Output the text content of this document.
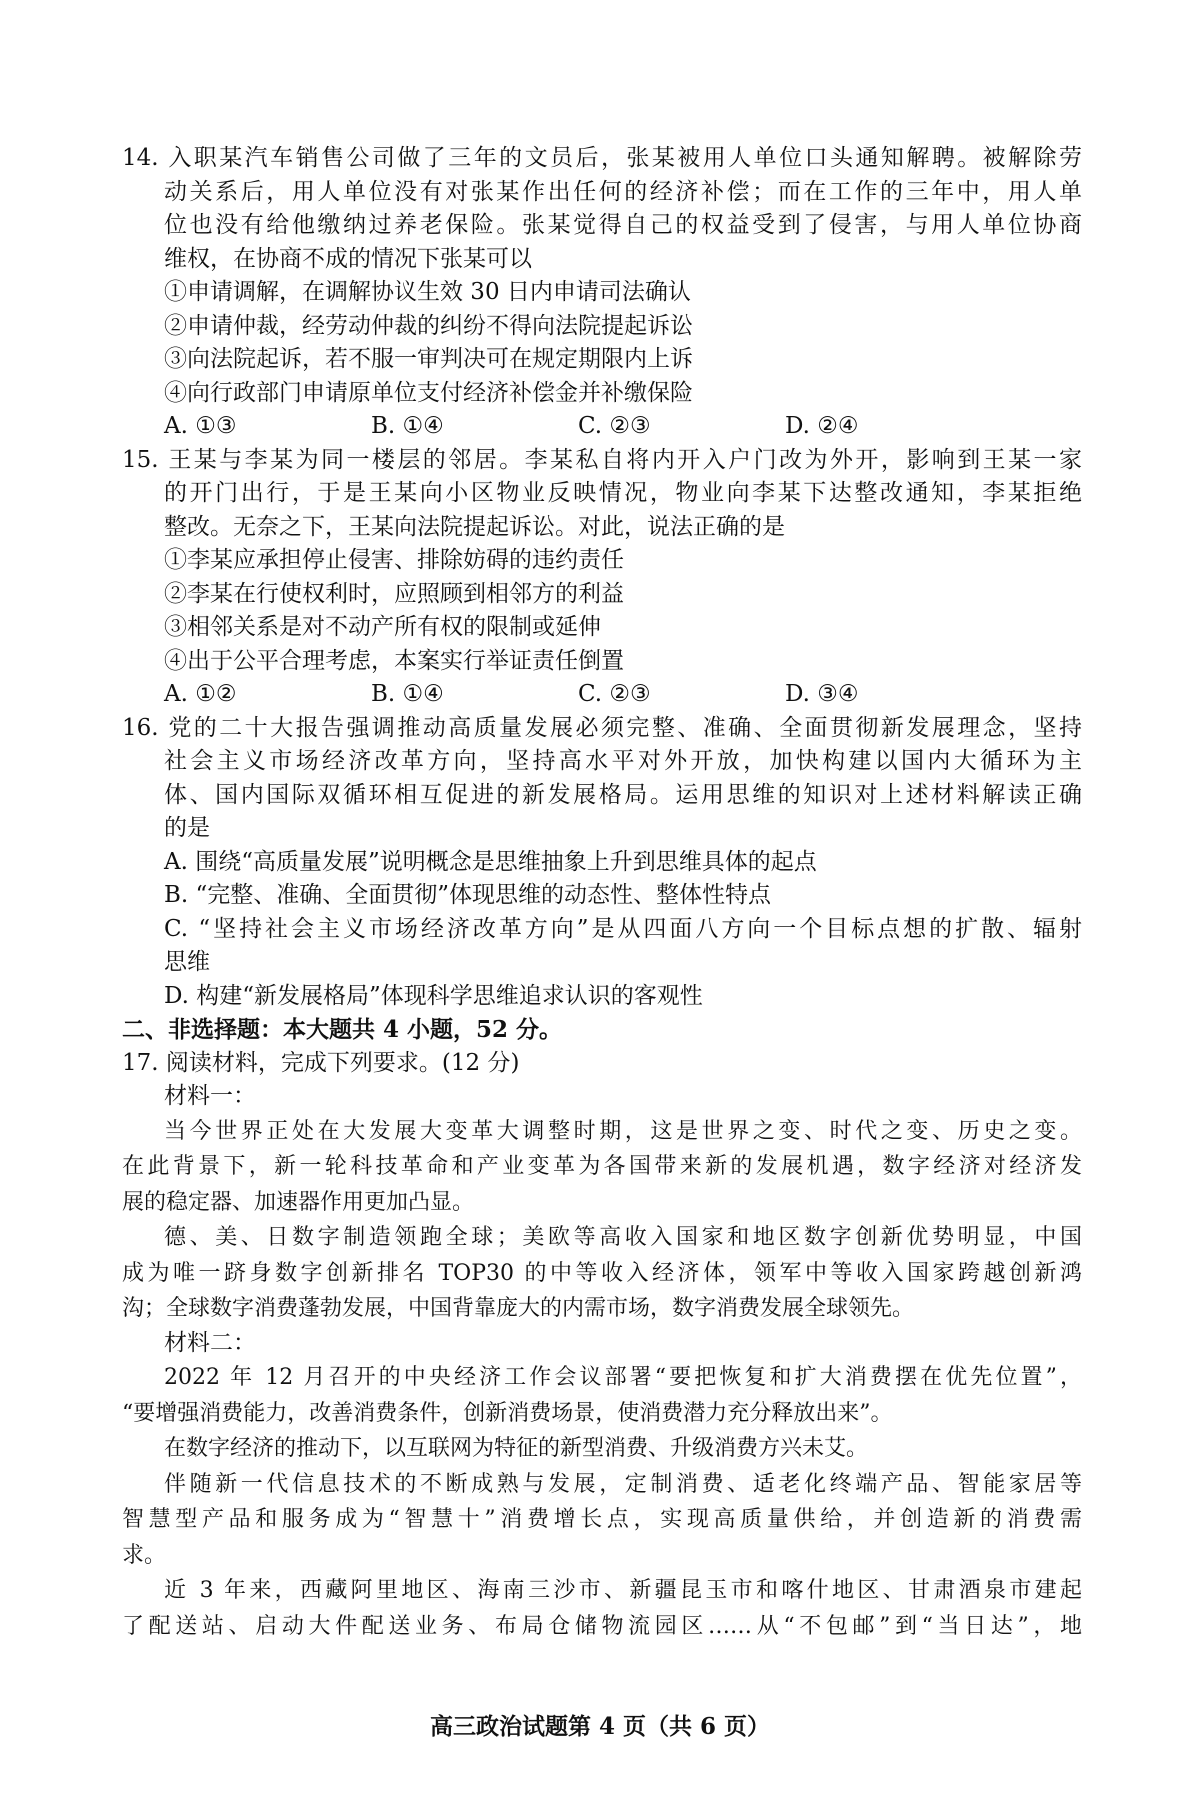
14. 入职某汽车销售公司做了三年的文员后，张某被用人单位口头通知解聘。被解除劳
动关系后，用人单位没有对张某作出任何的经济补偿；而在工作的三年中，用人单
位也没有给他缴纳过养老保险。张某觉得自己的权益受到了侵害，与用人单位协商
维权，在协商不成的情况下张某可以
①申请调解，在调解协议生效 30 日内申请司法确认
②申请仲裁，经劳动仲裁的纠纷不得向法院提起诉讼
③向法院起诉，若不服一审判决可在规定期限内上诉
④向行政部门申请原单位支付经济补偿金并补缴保险
A. ①③	B. ①④	C. ②③	D. ②④
15. 王某与李某为同一楼层的邻居。李某私自将内开入户门改为外开，影响到王某一家
的开门出行，于是王某向小区物业反映情况，物业向李某下达整改通知，李某拒绝
整改。无奈之下，王某向法院提起诉讼。对此，说法正确的是
①李某应承担停止侵害、排除妨碍的违约责任
②李某在行使权利时，应照顾到相邻方的利益
③相邻关系是对不动产所有权的限制或延伸
④出于公平合理考虑，本案实行举证责任倒置
A. ①②	B. ①④	C. ②③	D. ③④
16. 党的二十大报告强调推动高质量发展必须完整、准确、全面贯彻新发展理念，坚持
社会主义市场经济改革方向，坚持高水平对外开放，加快构建以国内大循环为主
体、国内国际双循环相互促进的新发展格局。运用思维的知识对上述材料解读正确
的是
A. 围绕“高质量发展”说明概念是思维抽象上升到思维具体的起点
B. “完整、准确、全面贯彻”体现思维的动态性、整体性特点
C. “坚持社会主义市场经济改革方向”是从四面八方向一个目标点想的扩散、辐射
思维
D. 构建“新发展格局”体现科学思维追求认识的客观性
二、非选择题：本大题共 4 小题，52 分。
17. 阅读材料，完成下列要求。(12 分)
材料一：
当今世界正处在大发展大变革大调整时期，这是世界之变、时代之变、历史之变。
在此背景下，新一轮科技革命和产业变革为各国带来新的发展机遇，数字经济对经济发
展的稳定器、加速器作用更加凸显。
德、美、日数字制造领跑全球；美欧等高收入国家和地区数字创新优势明显，中国
成为唯一跻身数字创新排名 TOP30 的中等收入经济体，领军中等收入国家跨越创新鸿
沟；全球数字消费蓬勃发展，中国背靠庞大的内需市场，数字消费发展全球领先。
材料二：
2022 年 12 月召开的中央经济工作会议部署“要把恢复和扩大消费摆在优先位置”，
“要增强消费能力，改善消费条件，创新消费场景，使消费潜力充分释放出来”。
在数字经济的推动下，以互联网为特征的新型消费、升级消费方兴未艾。
伴随新一代信息技术的不断成熟与发展，定制消费、适老化终端产品、智能家居等
智慧型产品和服务成为“智慧十”消费增长点，实现高质量供给，并创造新的消费需
求。
近 3 年来，西藏阿里地区、海南三沙市、新疆昆玉市和喀什地区、甘肃酒泉市建起
了配送站、启动大件配送业务、布局仓储物流园区……从“不包邮”到“当日达”，地
高三政治试题第 4 页（共 6 页）
